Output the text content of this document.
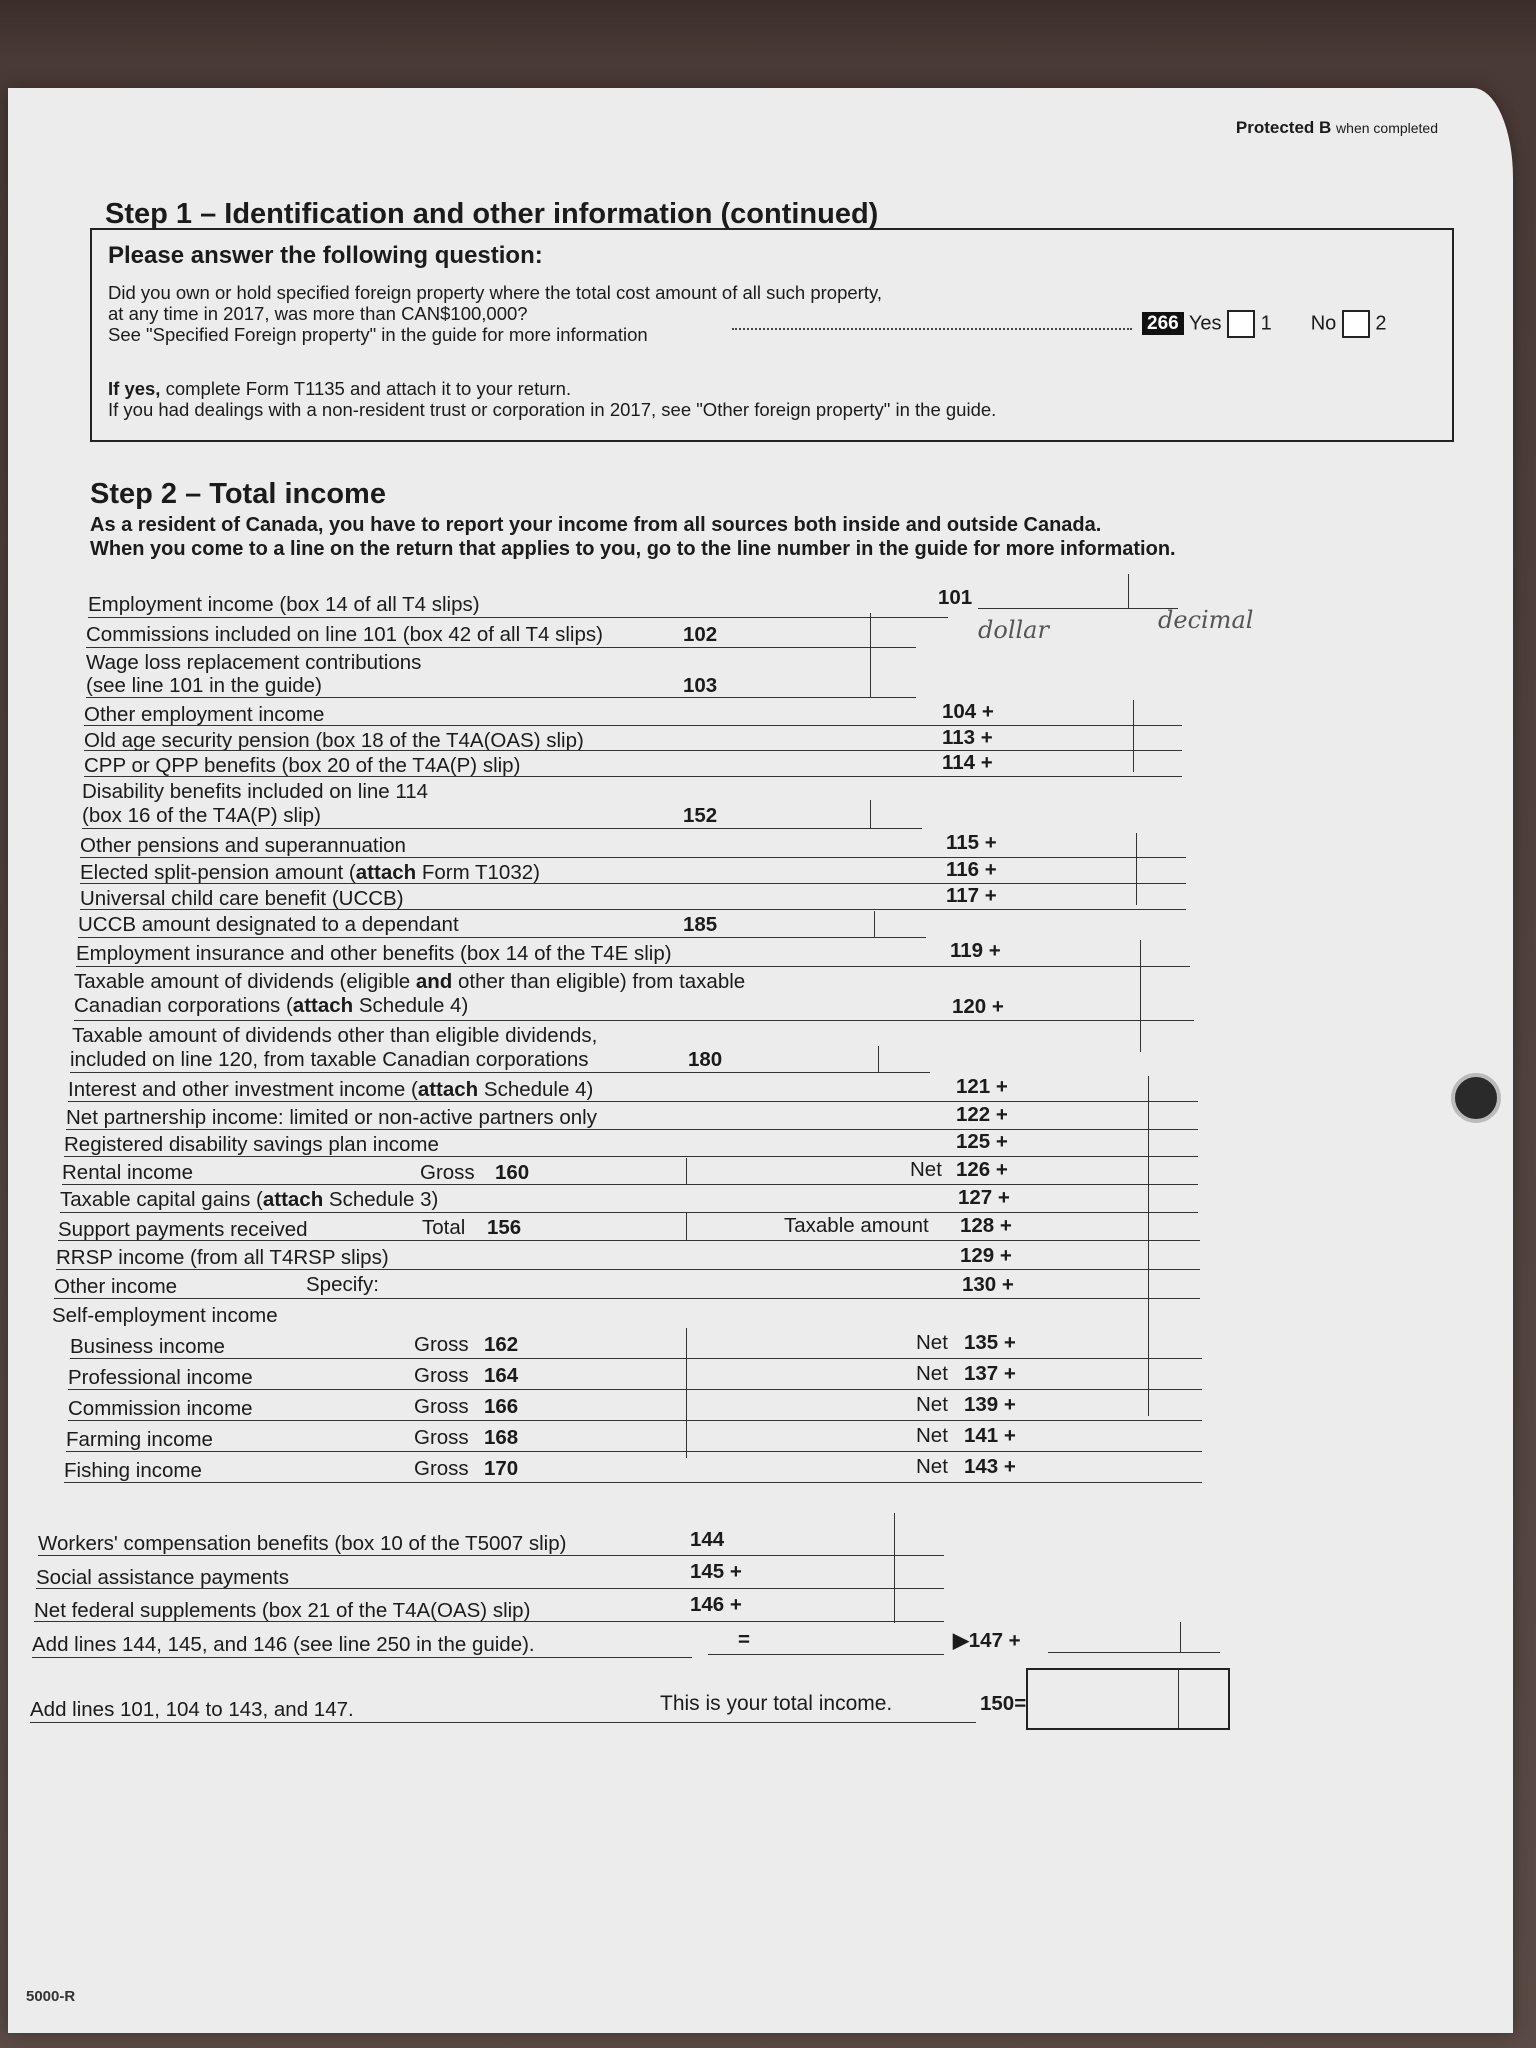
Protected B when completed
Step 1 – Identification and other information (continued)
Please answer the following question:
Did you own or hold specified foreign property where the total cost amount of all such property,
at any time in 2017, was more than CAN$100,000?
See "Specified Foreign property" in the guide for more information
266 Yes 1 No 2
If yes, complete Form T1135 and attach it to your return.
If you had dealings with a non-resident trust or corporation in 2017, see "Other foreign property" in the guide.
Step 2 – Total income
As a resident of Canada, you have to report your income from all sources both inside and outside Canada.
When you come to a line on the return that applies to you, go to the line number in the guide for more information.
Employment income (box 14 of all T4 slips)	101
dollar	decimal
Commissions included on line 101 (box 42 of all T4 slips)	102
Wage loss replacement contributions
(see line 101 in the guide)	103
Other employment income	104 +
Old age security pension (box 18 of the T4A(OAS) slip)	113 +
CPP or QPP benefits (box 20 of the T4A(P) slip)	114 +
Disability benefits included on line 114
(box 16 of the T4A(P) slip)	152
Other pensions and superannuation	115 +
Elected split-pension amount (attach Form T1032)	116 +
Universal child care benefit (UCCB)	117 +
UCCB amount designated to a dependant	185
Employment insurance and other benefits (box 14 of the T4E slip)	119 +
Taxable amount of dividends (eligible and other than eligible) from taxable
Canadian corporations (attach Schedule 4)	120 +
Taxable amount of dividends other than eligible dividends,
included on line 120, from taxable Canadian corporations	180
Interest and other investment income (attach Schedule 4)	121 +
Net partnership income: limited or non-active partners only	122 +
Registered disability savings plan income	125 +
Rental income	Gross 160	Net 126 +
Taxable capital gains (attach Schedule 3)	127 +
Support payments received	Total 156	Taxable amount 128 +
RRSP income (from all T4RSP slips)	129 +
Other income	Specify:	130 +
Self-employment income
Business income	Gross 162	Net 135 +
Professional income	Gross 164	Net 137 +
Commission income	Gross 166	Net 139 +
Farming income	Gross 168	Net 141 +
Fishing income	Gross 170	Net 143 +
Workers' compensation benefits (box 10 of the T5007 slip)	144
Social assistance payments	145 +
Net federal supplements (box 21 of the T4A(OAS) slip)	146 +
Add lines 144, 145, and 146 (see line 250 in the guide).	=	▶147 +
Add lines 101, 104 to 143, and 147.	This is your total income.	150=
5000-R
